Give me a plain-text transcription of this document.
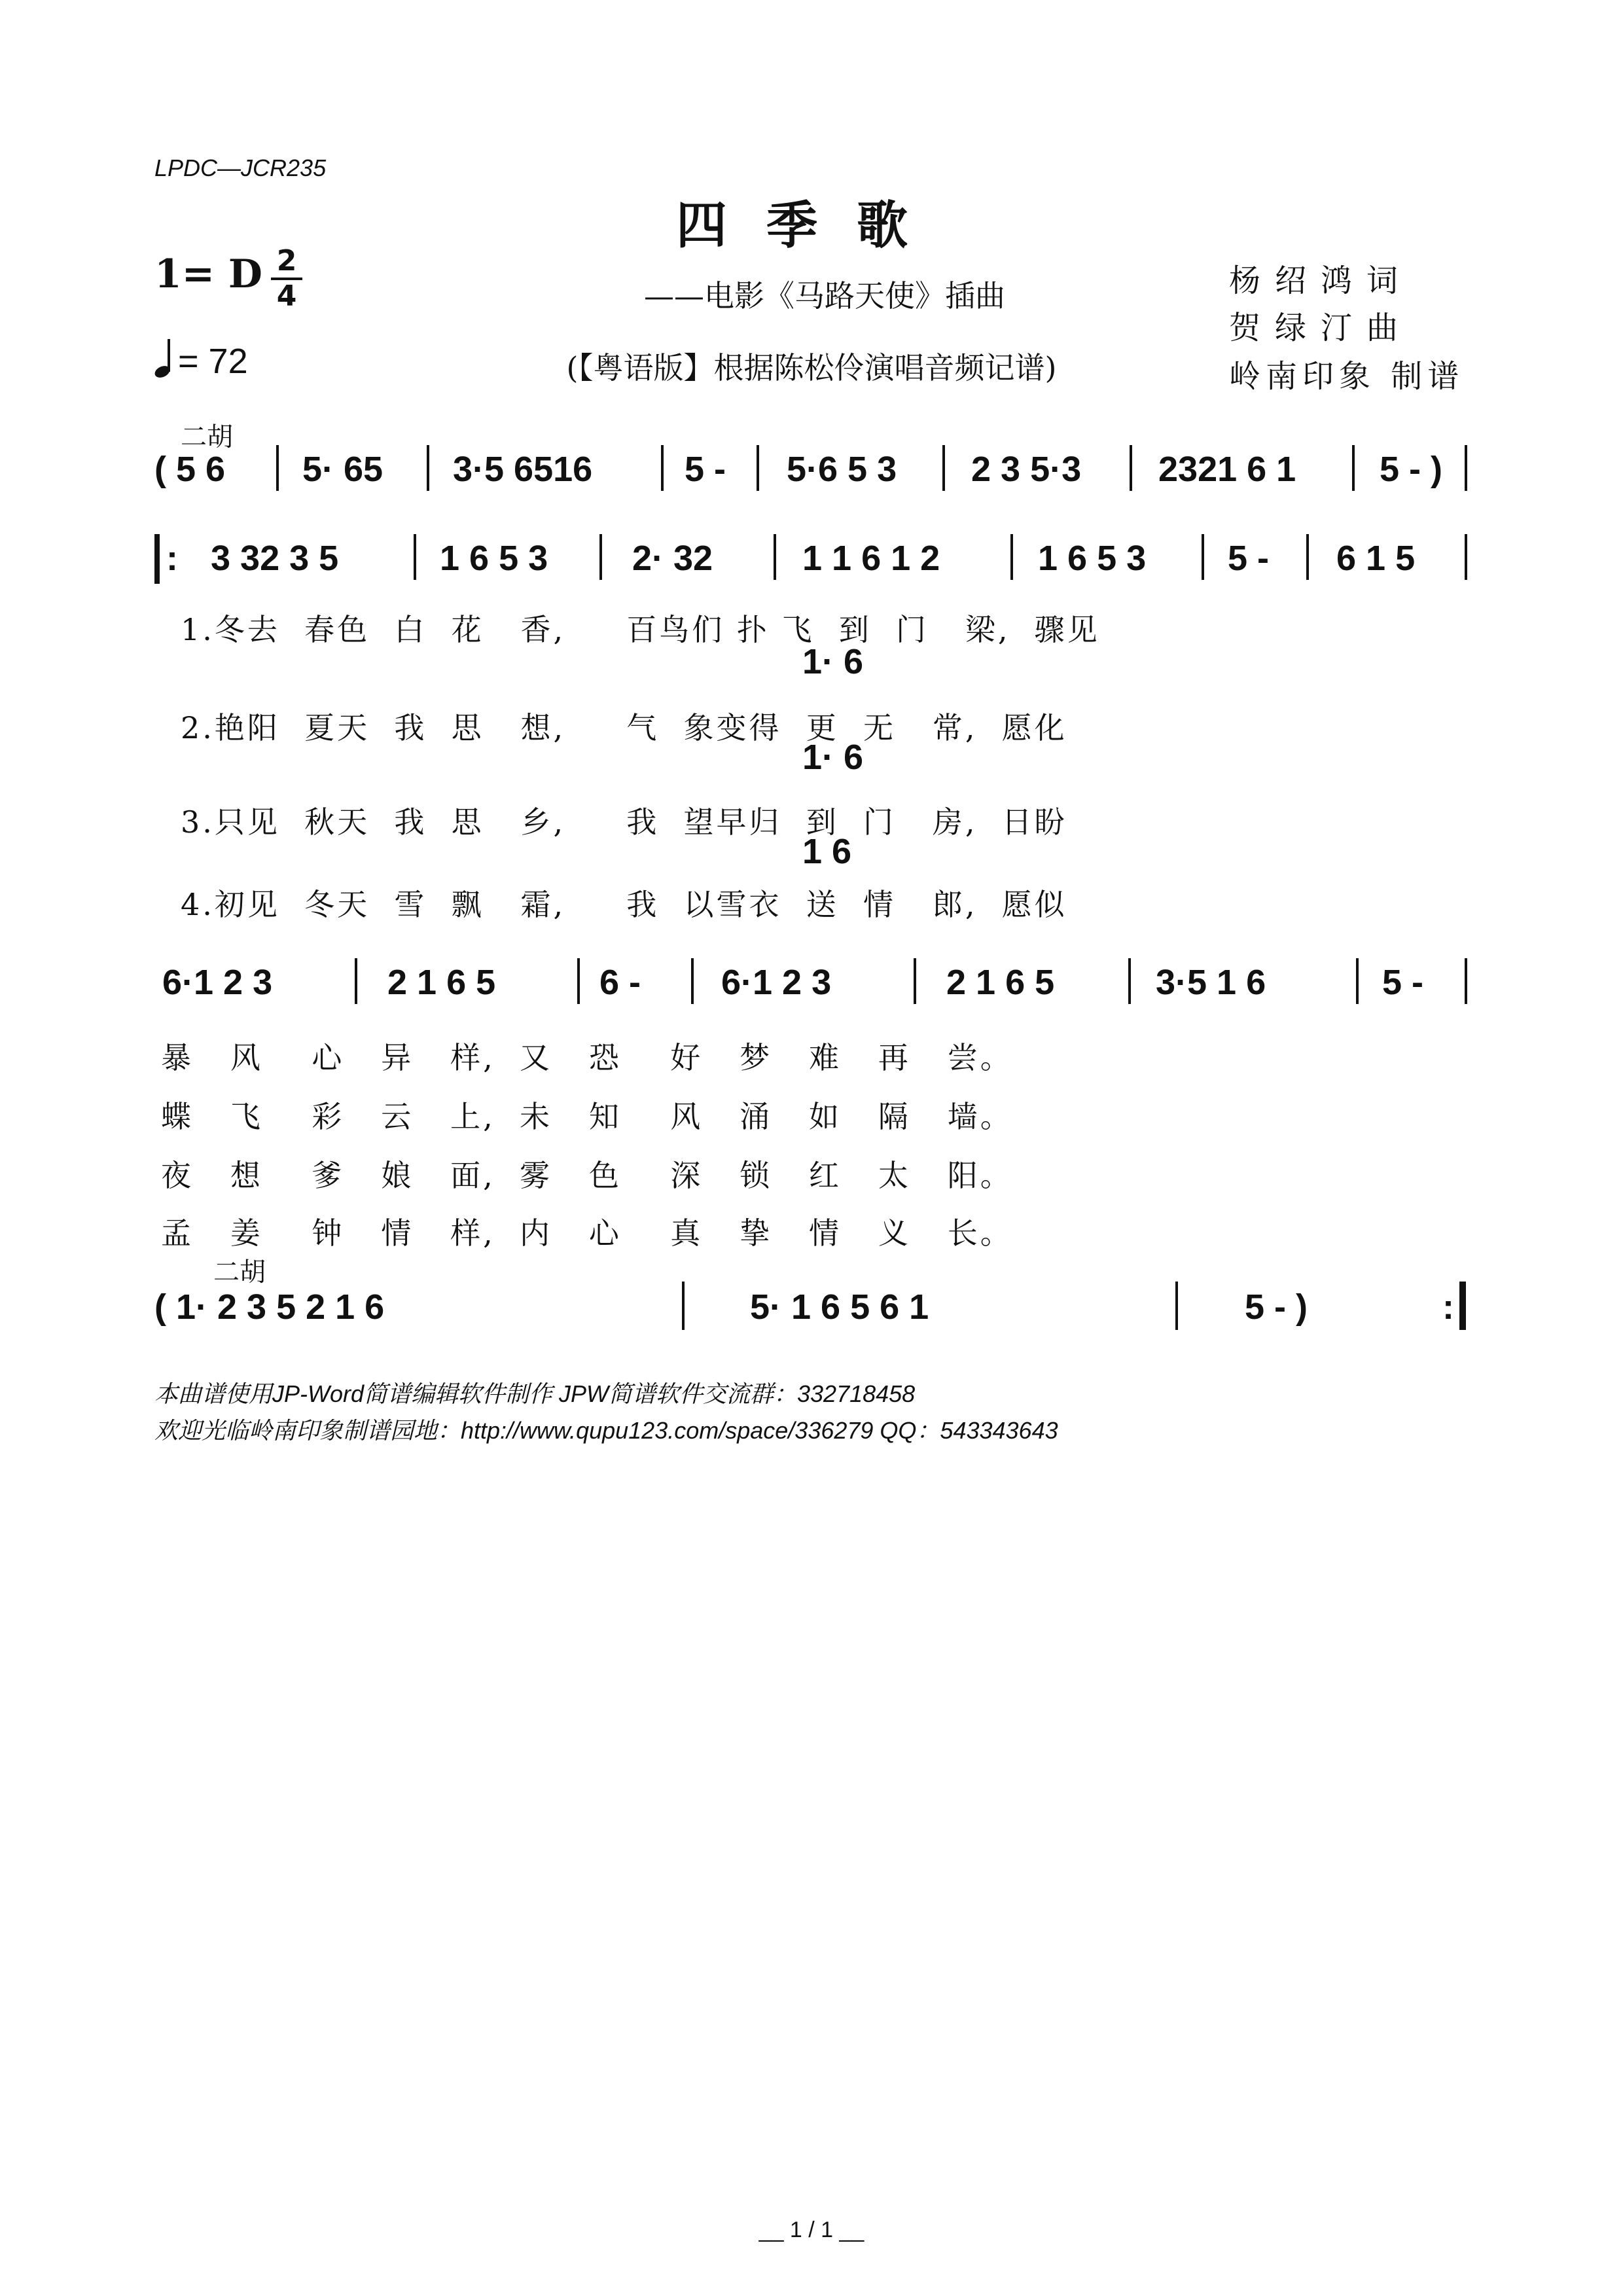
LPDC—JCR235
四季歌
1= D 2
4
= 72
——电影《马路天使》插曲
(【粤语版】根据陈松伶演唱音频记谱)
杨绍鸿词
贺绿汀曲
岭南印象 制谱
二胡
( 5 6 5· 65 3·5 6516	5 - 5·6 5 3 2 3 5·3 2321 6 1 5 - )
: 3 32 3 5	1 6 5 3 2· 32	1 1 6 1 2	1 6 5 3 5 - 6 1 5
1.冬去  春色  白  花   香,     百鸟们 扑 飞  到  门   梁,  骤见
1· 6
2.艳阳  夏天  我  思   想,     气  象变得  更  无   常,  愿化
1· 6
3.只见  秋天  我  思   乡,     我  望早归  到  门   房,  日盼
1 6
4.初见  冬天  雪  飘   霜,     我  以雪衣  送  情   郎,  愿似
6·1 2 3	2 1 6 5	6 - 6·1 2 3	2 1 6 5	3·5 1 6	5 -
暴   风    心   异   样,  又   恐    好   梦   难   再   尝。
蝶   飞    彩   云   上,  未   知    风   涌   如   隔   墙。
夜   想    爹   娘   面,  雾   色    深   锁   红   太   阳。
孟   姜    钟   情   样,  内   心    真   挚   情   义   长。
二胡
( 1· 2 3 5 2 1 6	5· 1 6 5 6 1	5 - )	:
本曲谱使用JP-Word简谱编辑软件制作 JPW简谱软件交流群：332718458
欢迎光临岭南印象制谱园地：http://www.qupu123.com/space/336279 QQ：543343643
__ 1 / 1 __
